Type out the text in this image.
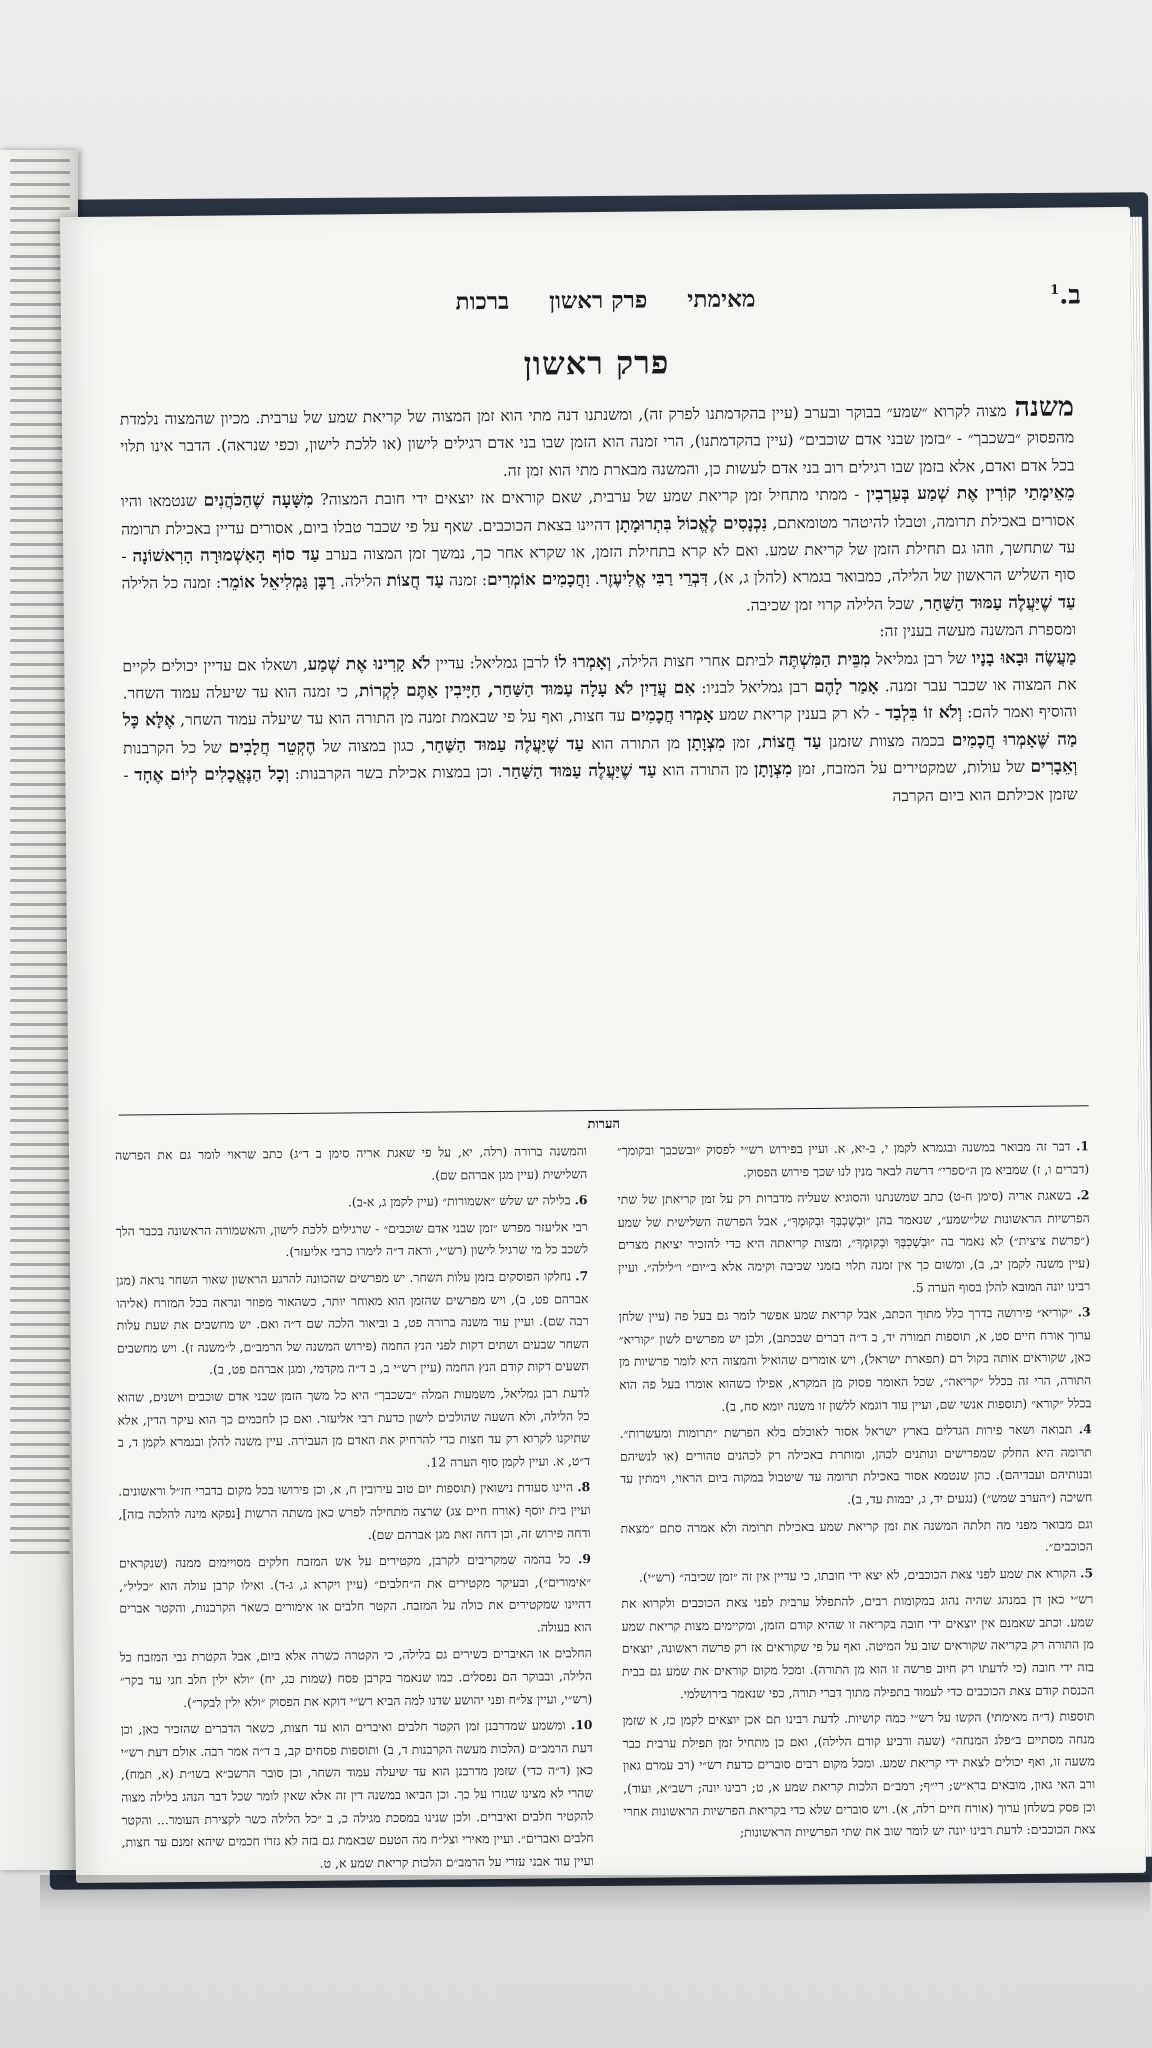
ב.$^1$
מאימתי
פרק ראשון
ברכות
פרק ראשון

משנהמצוה לקרוא ״שמע״ בבוקר ובערב (עיין בהקדמתנו לפרק זה), ומשנתנו דנה מתי הוא זמן המצוה של קריאת שמע של ערבית. מכיון שהמצוה נלמדת מהפסוק ״בשכבך״ - ״בזמן שבני אדם שוכבים״ (עיין בהקדמתנו), הרי זמנה הוא הזמן שבו בני אדם רגילים לישון (או ללכת לישון, וכפי שנראה). הדבר אינו תלוי בכל אדם ואדם, אלא בזמן שבו רגילים רוב בני אדם לעשות כן, והמשנה מבארת מתי הוא זמן זה.

מֵאֵימָתַי קוֹרִין אֶת שְׁמַע בְּעַרְבִין - ממתי מתחיל זמן קריאת שמע של ערבית, שאם קוראים אז יוצאים ידי חובת המצוה? מִשָּׁעָה שֶׁהַכֹּהֲנִים שנטמאו והיו אסורים באכילת תרומה, וטבלו להיטהר מטומאתם, נִכְנָסִים לֶאֱכוֹל בִּתְרוּמָתָן דהיינו בצאת הכוכבים. שאף על פי שכבר טבלו ביום, אסורים עדיין באכילת תרומה עד שתחשך, וזהו גם תחילת הזמן של קריאת שמע. ואם לא קרא בתחילת הזמן, או שקרא אחר כך, נמשך זמן המצוה בערב עַד סוֹף הָאַשְׁמוּרָה הָרִאשׁוֹנָה - סוף השליש הראשון של הלילה, כמבואר בגמרא (להלן ג, א), דִּבְרֵי רַבִּי אֱלִיעֶזֶר. וַחֲכָמִים אוֹמְרִים: זמנה עַד חֲצוֹת הלילה. רַבָּן גַּמְלִיאֵל אוֹמֵר: זמנה כל הלילה עַד שֶׁיַּעֲלֶה עַמּוּד הַשַּׁחַר, שכל הלילה קרוי זמן שכיבה.

ומספרת המשנה מעשה בענין זה:

מַעֲשֶׂה וּבָאוּ בָנָיו של רבן גמליאל מִבֵּית הַמִּשְׁתֶּה לביתם אחרי חצות הלילה, וְאָמְרוּ לוֹ לרבן גמליאל: עדיין לֹא קָרִינוּ אֶת שְׁמַע, ושאלו אם עדיין יכולים לקיים את המצוה או שכבר עבר זמנה. אָמַר לָהֶם רבן גמליאל לבניו: אִם עֲדַיִן לֹא עָלָה עַמּוּד הַשַּׁחַר, חַיָּיבִין אַתֶּם לִקְרוֹת, כי זמנה הוא עד שיעלה עמוד השחר. והוסיף ואמר להם: וְלֹא זוֹ בִּלְבַד - לא רק בענין קריאת שמע אָמְרוּ חֲכָמִים עד חצות, ואף על פי שבאמת זמנה מן התורה הוא עד שיעלה עמוד השחר, אֶלָּא כָּל מַה שֶּׁאָמְרוּ חֲכָמִים בכמה מצוות שזמנן עַד חֲצוֹת, זמן מִצְוָתָן מן התורה הוא עַד שֶׁיַּעֲלֶה עַמּוּד הַשַּׁחַר, כגון במצוה של הֶקְטֵר חֲלָבִים של כל הקרבנות וְאֵבָרִים של עולות, שמקטירים על המזבח, זמן מִצְוָתָן מן התורה הוא עַד שֶׁיַּעֲלֶה עַמּוּד הַשַּׁחַר. וכן במצות אכילת בשר הקרבנות: וְכָל הַנֶּאֱכָלִים לְיוֹם אֶחָד - שזמן אכילתם הוא ביום הקרבה

הערות

1. דבר זה מבואר במשנה ובגמרא לקמן י, ב-יא, א. ועיין בפירוש רש״י לפסוק ״ובשכבך ובקומך״ (דברים ו, ז) שמביא מן ה״ספרי״ דרשה לבאר מנין לנו שכך פירוש הפסוק.

2. בשאגת אריה (סימן ח-ט) כתב שמשנתנו והסוגיא שעליה מדברות רק על זמן קריאתן של שתי הפרשיות הראשונות של״שמע״, שנאמר בהן ״וּבְשָׁכְבְּךָ וּבְקוּמֶךָ״, אבל הפרשה השלישית של שמע (״פרשת ציצית״) לא נאמר בה ״וּבְשָׁכְבְּךָ וּבְקוּמֶךָ״, ומצות קריאתה היא כדי להזכיר יציאת מצרים (עיין משנה לקמן יב, ב), ומשום כך אין זמנה תלוי בזמני שכיבה וקימה אלא ב״יום״ ו״לילה״. ועיין רבינו יונה המובא להלן בסוף הערה 5.

3. ״קוריא״ פירושה בדרך כלל מתוך הכתב, אבל קריאת שמע אפשר לומר גם בעל פה (עיין שלחן ערוך אורח חיים סט, א, תוספות תמורה יד, ב ד״ה דברים שבכתב), ולכן יש מפרשים לשון ״קוריא״ כאן, שקוראים אותה בקול רם (תפארת ישראל), ויש אומרים שהואיל והמצוה היא לומר פרשיות מן התורה, הרי זה בכלל ״קריאה״, שכל האומר פסוק מן המקרא, אפילו כשהוא אומרו בעל פה הוא בכלל ״קורא״ (תוספות אנשי שם, ועיין עוד דוגמא ללשון זו משנה יומא סח, ב).

4. תבואה ושאר פירות הגדלים בארץ ישראל אסור לאוכלם בלא הפרשת ״תרומות ומעשרות״. תרומה היא החלק שמפרישים ונותנים לכהן, ומותרת באכילה רק לכהנים טהורים (או לנשיהם ובנותיהם ועבדיהם). כהן שנטמא אסור באכילת תרומה עד שיטבול במקוה ביום הראוי, וימתין עד חשיכה (״הערב שמש״) (נגעים יד, ג, יבמות עד, ב).

וגם מבואר מפני מה תלתה המשנה את זמן קריאת שמע באכילת תרומה ולא אמרה סתם ״מצאת הכוכבים״.

5. הקורא את שמע לפני צאת הכוכבים, לא יצא ידי חובתו, כי עדיין אין זה ״זמן שכיבה״ (רש״י).

רש״י כאן דן במנהג שהיה נהוג במקומות רבים, להתפלל ערבית לפני צאת הכוכבים ולקרוא את שמע. וכתב שאמנם אין יוצאים ידי חובה בקריאה זו שהיא קודם הזמן, ומקיימים מצות קריאת שמע מן התורה רק בקריאה שקוראים שוב על המיטה. ואף על פי שקוראים אז רק פרשה ראשונה, יוצאים בזה ידי חובה (כי לדעתו רק חיוב פרשה זו הוא מן התורה). ומכל מקום קוראים את שמע גם בבית הכנסת קודם צאת הכוכבים כדי לעמוד בתפילה מתוך דברי תורה, כפי שנאמר בירושלמי.

תוספות (ד״ה מאימתי) הקשו על רש״י כמה קושיות. לדעת רבינו תם אכן יוצאים לקמן כז, א שזמן מנחה מסתיים ב״פלג המנחה״ (שעה ורביע קודם הלילה), ואם כן מתחיל זמן תפילת ערבית כבר משעה זו, ואף יכולים לצאת ידי קריאת שמע. ומכל מקום רבים סוברים כדעת רש״י (רב עמרם גאון ורב האי גאון, מובאים ברא״ש; רי״ף; רמב״ם הלכות קריאת שמע א, ט; רבינו יונה; רשב״א, ועוד), וכן פסק בשלחן ערוך (אורח חיים רלה, א). ויש סוברים שלא כדי בקריאת הפרשיות הראשונות אחרי צאת הכוכבים: לדעת רבינו יונה יש לומר שוב את שתי הפרשיות הראשונות;

והמשנה ברורה (רלה, יא, על פי שאגת אריה סימן ב ד״ג) כתב שראוי לומר גם את הפרשה השלישית (עיין מגן אברהם שם).

6. בלילה יש שלש ״אשמורות״ (עיין לקמן ג, א-ב).

רבי אליעזר מפרש ״זמן שבני אדם שוכבים״ - שרגילים ללכת לישון, והאשמורה הראשונה בכבר הלך לשכב כל מי שרגיל לישון (רש״י, וראה ד״ה לימרו כרבי אליעזר).

7. נחלקו הפוסקים בזמן עלות השחר. יש מפרשים שהכוונה להרגע הראשון שאור השחר נראה (מגן אברהם פט, ב), ויש מפרשים שהזמן הוא מאוחר יותר, כשהאור מפוזר ונראה בכל המזרח (אליהו רבה שם). ועיין עוד משנה ברורה פט, ב וביאור הלכה שם ד״ה ואם. יש מחשבים את שעת עלות השחר שבעים ושתים דקות לפני הנץ החמה (פירוש המשנה של הרמב״ם, ל״משנה ז). ויש מחשבים תשעים דקות קודם הנץ החמה (עיין רש״י ב, ב ד״ה מקדמי, ומגן אברהם פט, ב).

לדעת רבן גמליאל, משמעות המלה ״בשכבך״ היא כל משך הזמן שבני אדם שוכבים וישנים, שהוא כל הלילה, ולא השעה שהולכים לישון כדעת רבי אליעזר. ואם כן לחכמים כך הוא עיקר הדין, אלא שתיקנו לקרוא רק עד חצות כדי להרחיק את האדם מן העבירה. עיין משנה להלן ובגמרא לקמן ד, ב ד״ט, א. ועיין לקמן סוף הערה 12.

8. היינו סעודת נישואין (תוספות יום טוב עירובין ח, א, וכן פירושו בכל מקום בדברי חז״ל וראשונים. ועיין בית יוסף (אורח חיים צג) שרצה מתחילה לפרש כאן משתה הרשות [נפקא מינה להלכה בזה], ודחה פירוש זה, וכן דחה זאת מגן אברהם שם).

9. כל בהמה שמקריבים לקרבן, מקטירים על אש המזבח חלקים מסויימים ממנה (שנקראים ״אימורים״), ובעיקר מקטירים את ה״חלבים״ (עיין ויקרא ג, ג-ד). ואילו קרבן עולה הוא ״כליל״, דהיינו שמקטירים את כולה על המזבח. הקטר חלבים או אימורים כשאר הקרבנות, והקטר אברים הוא בעולה.

החלבים או האיברים כשירים גם בלילה, כי הקטרה כשרה אלא ביום, אבל הקטרת גבי המזבח כל הלילה, ובבוקר הם נפסלים. כמו שנאמר בקרבן פסח (שמות כג, יח) ״ולא ילין חלב חגי עד בקר״ (רש״י, ועיין צל״ח ופני יהושע שדנו למה הביא רש״י דוקא את הפסוק ״ולא ילין לבקר״).

10. ומשמע שמדרבנן זמן הקטר חלבים ואיברים הוא עד חצות, כשאר הדברים שהזכיר כאן, וכן דעת הרמב״ם (הלכות מעשה הקרבנות ד, ב) ותוספות פסחים קב, ב ד״ה אמר רבה. אולם דעת רש״י כאן (ד״ה כדי) שזמן מדרבנן הוא עד שיעלה עמוד השחר, וכן סובר הרשב״א בשו״ת (א, תמח), שהרי לא מצינו שגזרו על כך. וכן הביאו במשנה דין זה אלא שאין לומר שכל דבר הנהג בלילה מצוה להקטיר חלבים ואיברים. ולכן שנינו במסכת מגילה כ, ב ״כל הלילה כשר לקצירת העומר... והקטר חלבים ואברים״. ועיין מאירי וצל״ח מה הטעם שבאמת גם בזה לא גזרו חכמים שיהא זמנם עד חצות, ועיין עוד אבני עזרי על הרמב״ם הלכות קריאת שמע א, ט.
